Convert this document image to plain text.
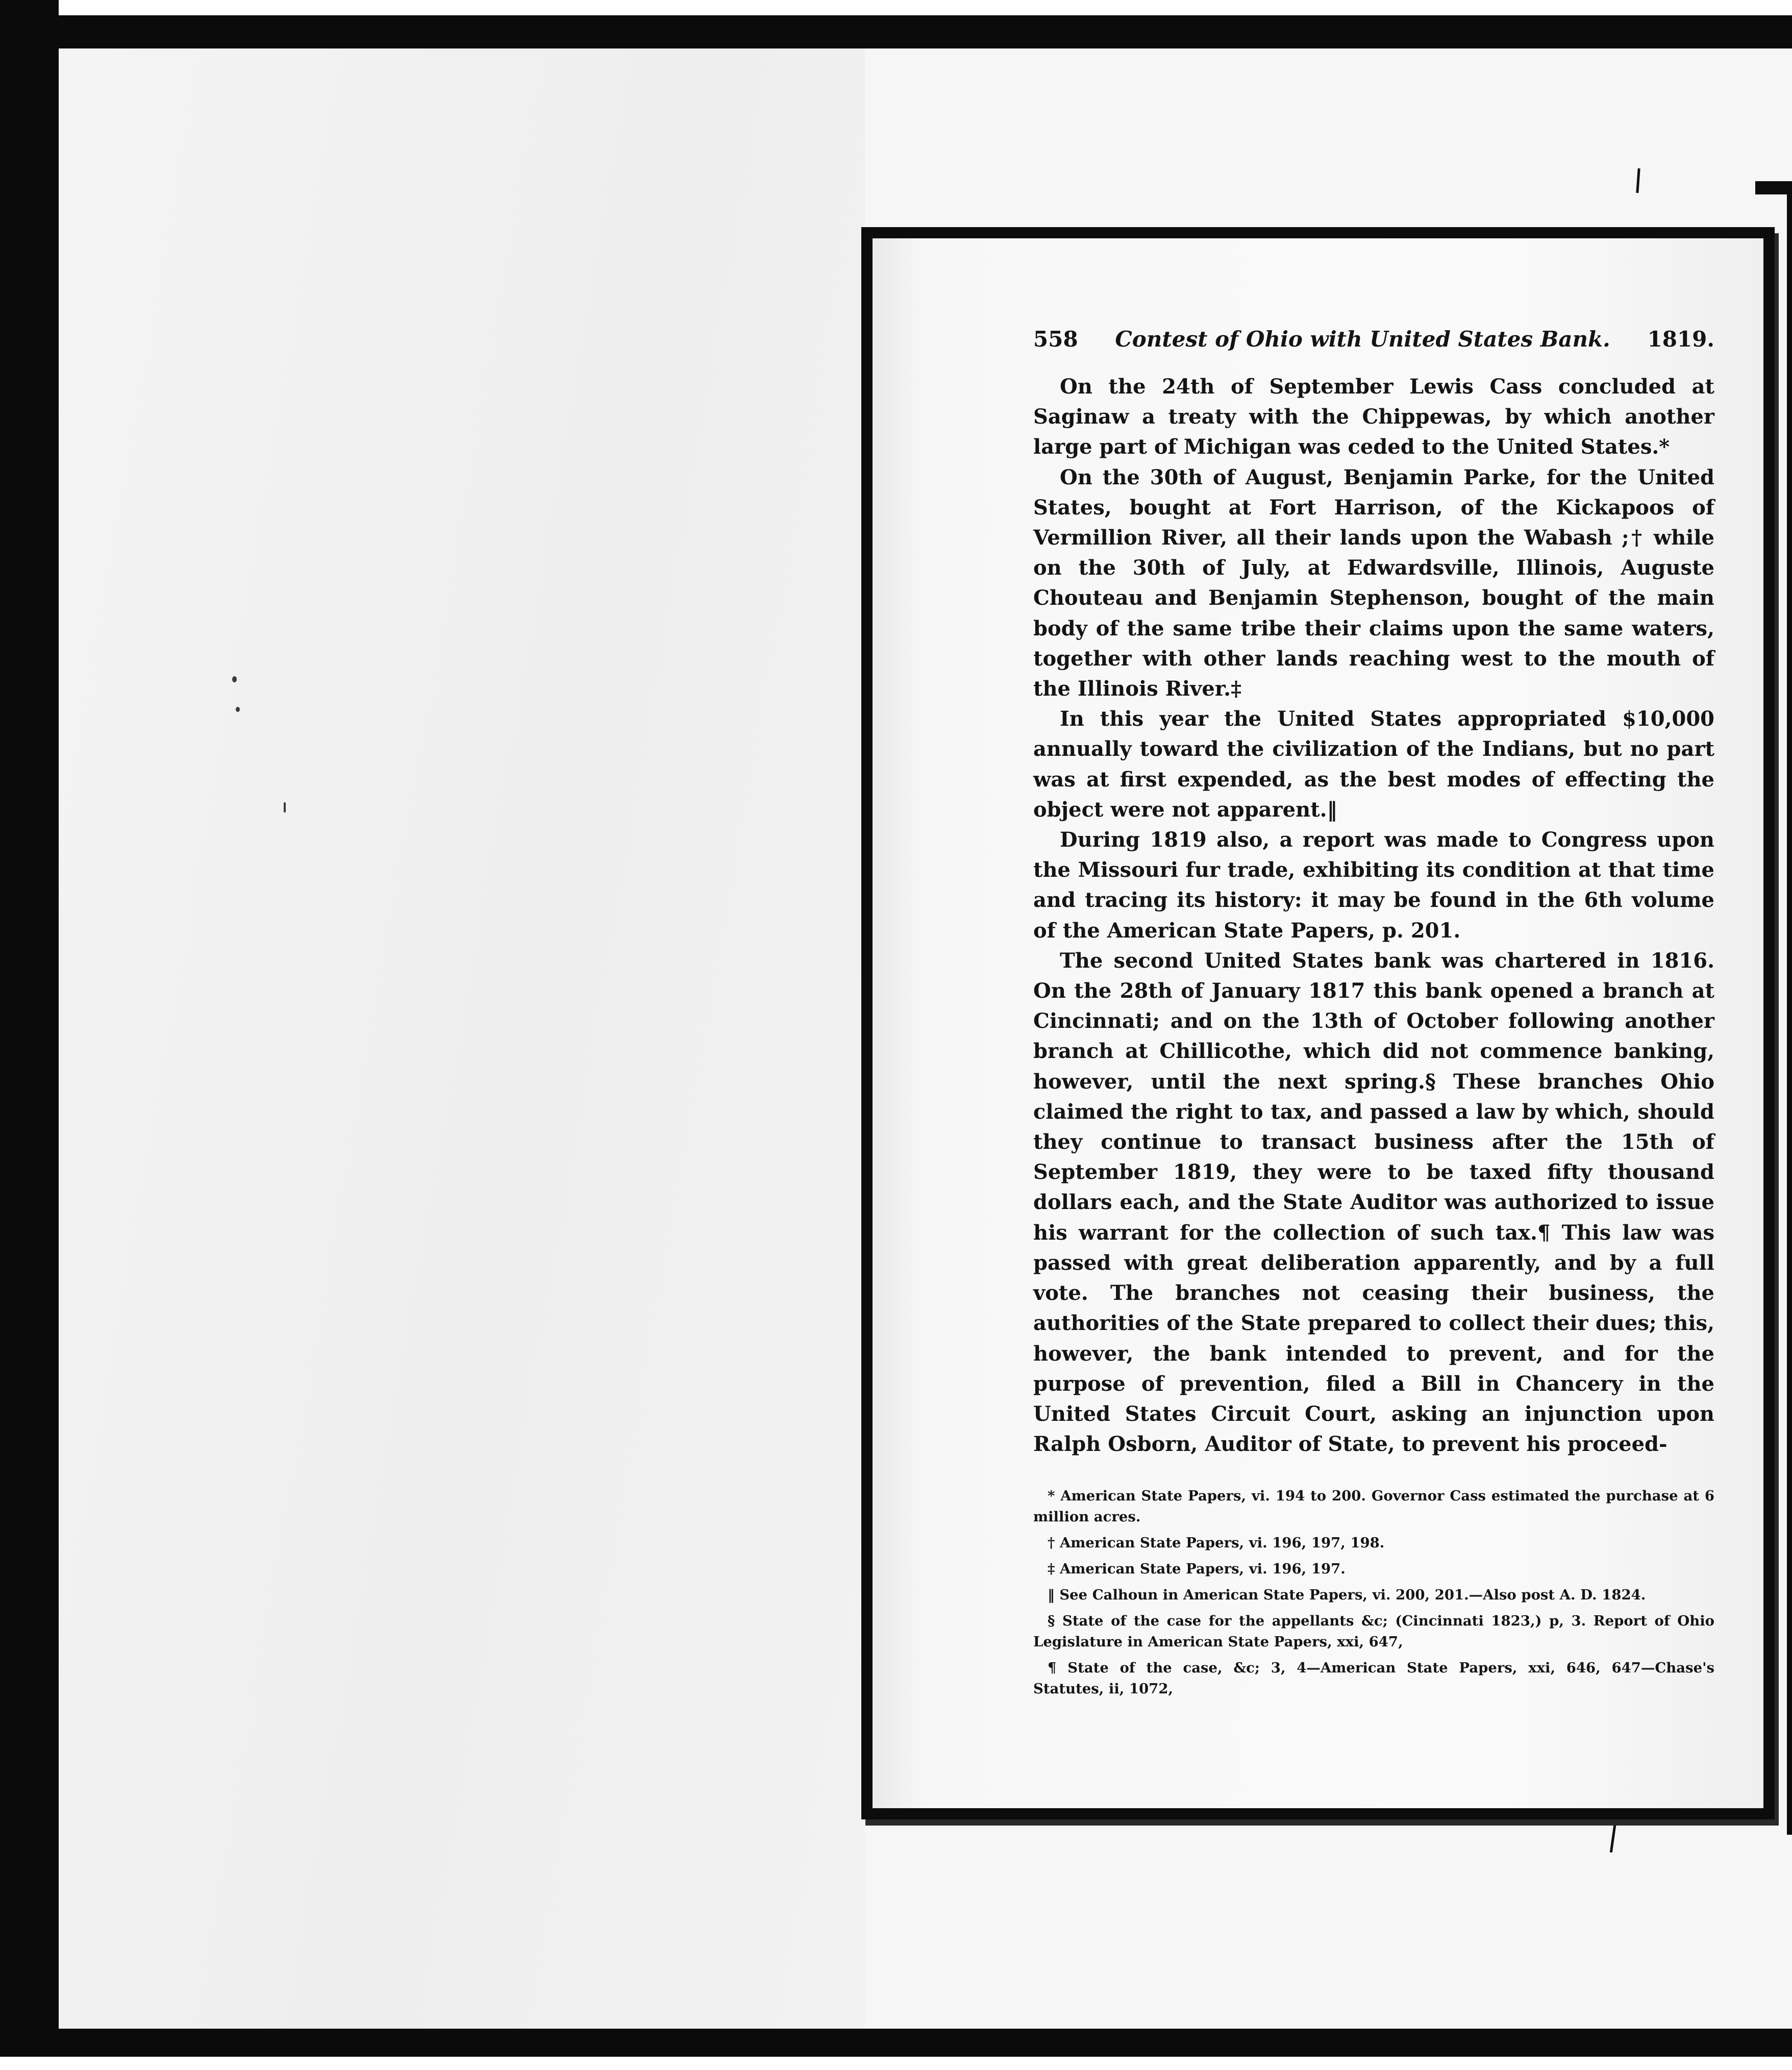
558 Contest of Ohio with United States Bank. 1819.

On the 24th of September Lewis Cass concluded at Saginaw a treaty with the Chippewas, by which another large part of Michigan was ceded to the United States.*

On the 30th of August, Benjamin Parke, for the United States, bought at Fort Harrison, of the Kickapoos of Vermillion River, all their lands upon the Wabash ;† while on the 30th of July, at Edwardsville, Illinois, Auguste Chouteau and Benjamin Stephenson, bought of the main body of the same tribe their claims upon the same waters, together with other lands reaching west to the mouth of the Illinois River.‡

In this year the United States appropriated $10,000 annually toward the civilization of the Indians, but no part was at first expended, as the best modes of effecting the object were not apparent.‖

During 1819 also, a report was made to Congress upon the Missouri fur trade, exhibiting its condition at that time and tracing its history: it may be found in the 6th volume of the American State Papers, p. 201.

The second United States bank was chartered in 1816. On the 28th of January 1817 this bank opened a branch at Cincinnati; and on the 13th of October following another branch at Chillicothe, which did not commence banking, however, until the next spring.§ These branches Ohio claimed the right to tax, and passed a law by which, should they continue to transact business after the 15th of September 1819, they were to be taxed fifty thousand dollars each, and the State Auditor was authorized to issue his warrant for the collection of such tax.¶ This law was passed with great deliberation apparently, and by a full vote. The branches not ceasing their business, the authorities of the State prepared to collect their dues; this, however, the bank intended to prevent, and for the purpose of prevention, filed a Bill in Chancery in the United States Circuit Court, asking an injunction upon Ralph Osborn, Auditor of State, to prevent his proceed-

* American State Papers, vi. 194 to 200. Governor Cass estimated the purchase at 6 million acres.

† American State Papers, vi. 196, 197, 198.

‡ American State Papers, vi. 196, 197.

‖ See Calhoun in American State Papers, vi. 200, 201.—Also post A. D. 1824.

§ State of the case for the appellants &c; (Cincinnati 1823,) p, 3. Report of Ohio Legislature in American State Papers, xxi, 647,

¶ State of the case, &c; 3, 4—American State Papers, xxi, 646, 647—Chase's Statutes, ii, 1072,
